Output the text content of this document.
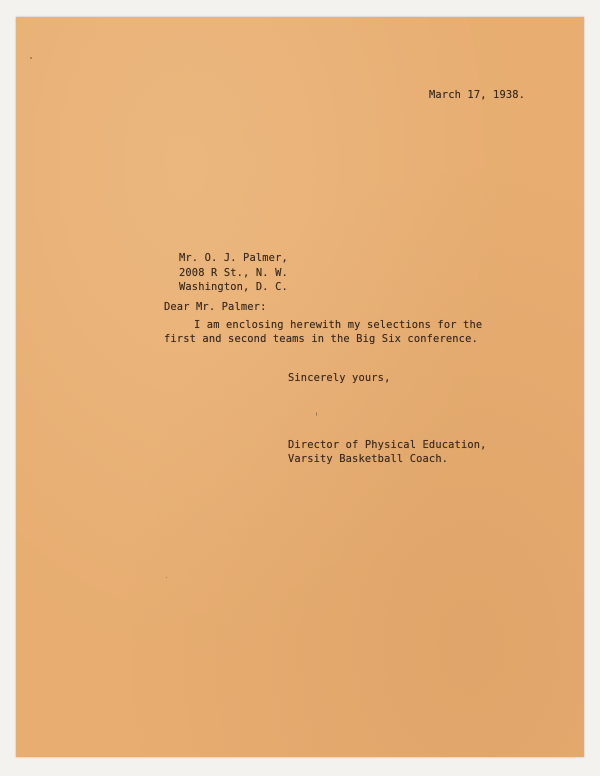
March 17, 1938.
Mr. O. J. Palmer,
2008 R St., N. W.
Washington, D. C.
Dear Mr. Palmer:
I am enclosing herewith my selections for the
first and second teams in the Big Six conference.
Sincerely yours,
Director of Physical Education,
Varsity Basketball Coach.
